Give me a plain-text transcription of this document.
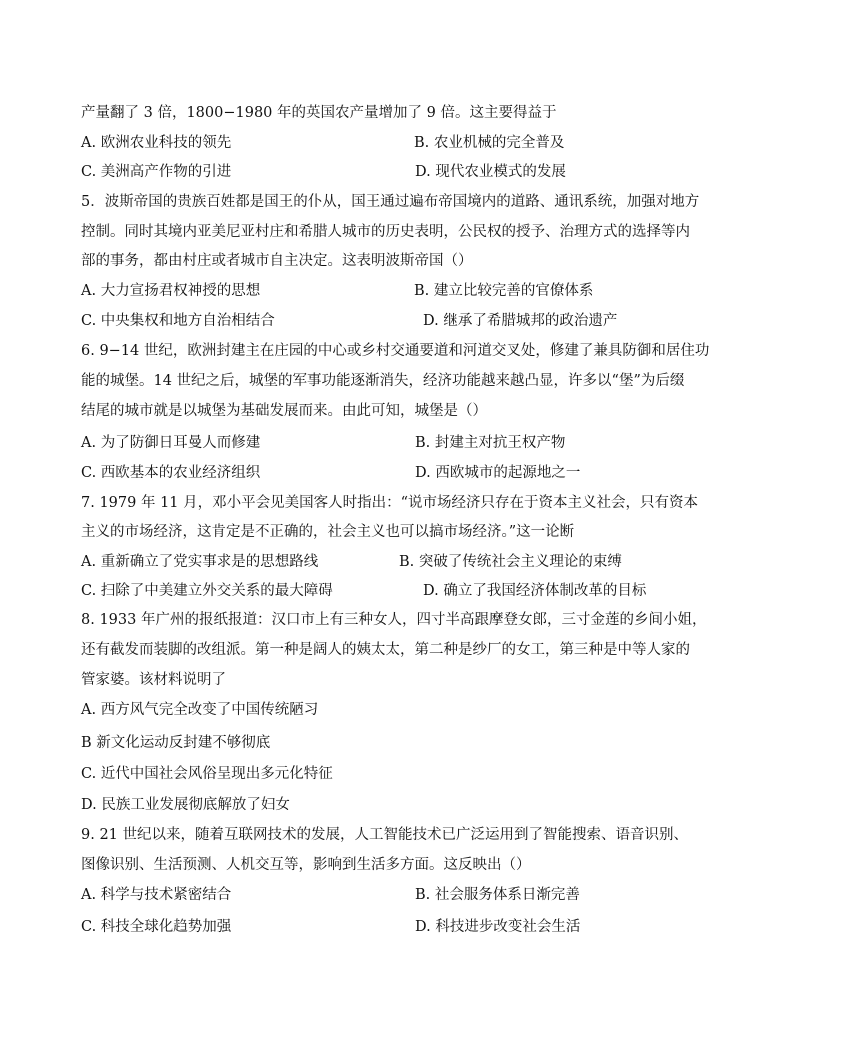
产量翻了 3 倍，1800−1980 年的英国农产量增加了 9 倍。这主要得益于
A. 欧洲农业科技的领先	B. 农业机械的完全普及
C. 美洲高产作物的引进	D. 现代农业模式的发展
5．波斯帝国的贵族百姓都是国王的仆从，国王通过遍布帝国境内的道路、通讯系统，加强对地方
控制。同时其境内亚美尼亚村庄和希腊人城市的历史表明，公民权的授予、治理方式的选择等内
部的事务，都由村庄或者城市自主决定。这表明波斯帝国（）
A. 大力宣扬君权神授的思想	B. 建立比较完善的官僚体系
C. 中央集权和地方自治相结合	D. 继承了希腊城邦的政治遗产
6. 9−14 世纪，欧洲封建主在庄园的中心或乡村交通要道和河道交叉处，修建了兼具防御和居住功
能的城堡。14 世纪之后，城堡的军事功能逐渐消失，经济功能越来越凸显，许多以“堡”为后缀
结尾的城市就是以城堡为基础发展而来。由此可知，城堡是（）
A. 为了防御日耳曼人而修建	B. 封建主对抗王权产物
C. 西欧基本的农业经济组织	D. 西欧城市的起源地之一
7. 1979 年 11 月，邓小平会见美国客人时指出：“说市场经济只存在于资本主义社会，只有资本
主义的市场经济，这肯定是不正确的，社会主义也可以搞市场经济。”这一论断
A. 重新确立了党实事求是的思想路线	B. 突破了传统社会主义理论的束缚
C. 扫除了中美建立外交关系的最大障碍	D. 确立了我国经济体制改革的目标
8. 1933 年广州的报纸报道：汉口市上有三种女人，四寸半高跟摩登女郎，三寸金莲的乡间小姐，
还有截发而装脚的改组派。第一种是阔人的姨太太，第二种是纱厂的女工，第三种是中等人家的
管家婆。该材料说明了
A. 西方风气完全改变了中国传统陋习
B 新文化运动反封建不够彻底
C. 近代中国社会风俗呈现出多元化特征
D. 民族工业发展彻底解放了妇女
9. 21 世纪以来，随着互联网技术的发展，人工智能技术已广泛运用到了智能搜索、语音识别、
图像识别、生活预测、人机交互等，影响到生活多方面。这反映出（）
A. 科学与技术紧密结合	B. 社会服务体系日渐完善
C. 科技全球化趋势加强	D. 科技进步改变社会生活
